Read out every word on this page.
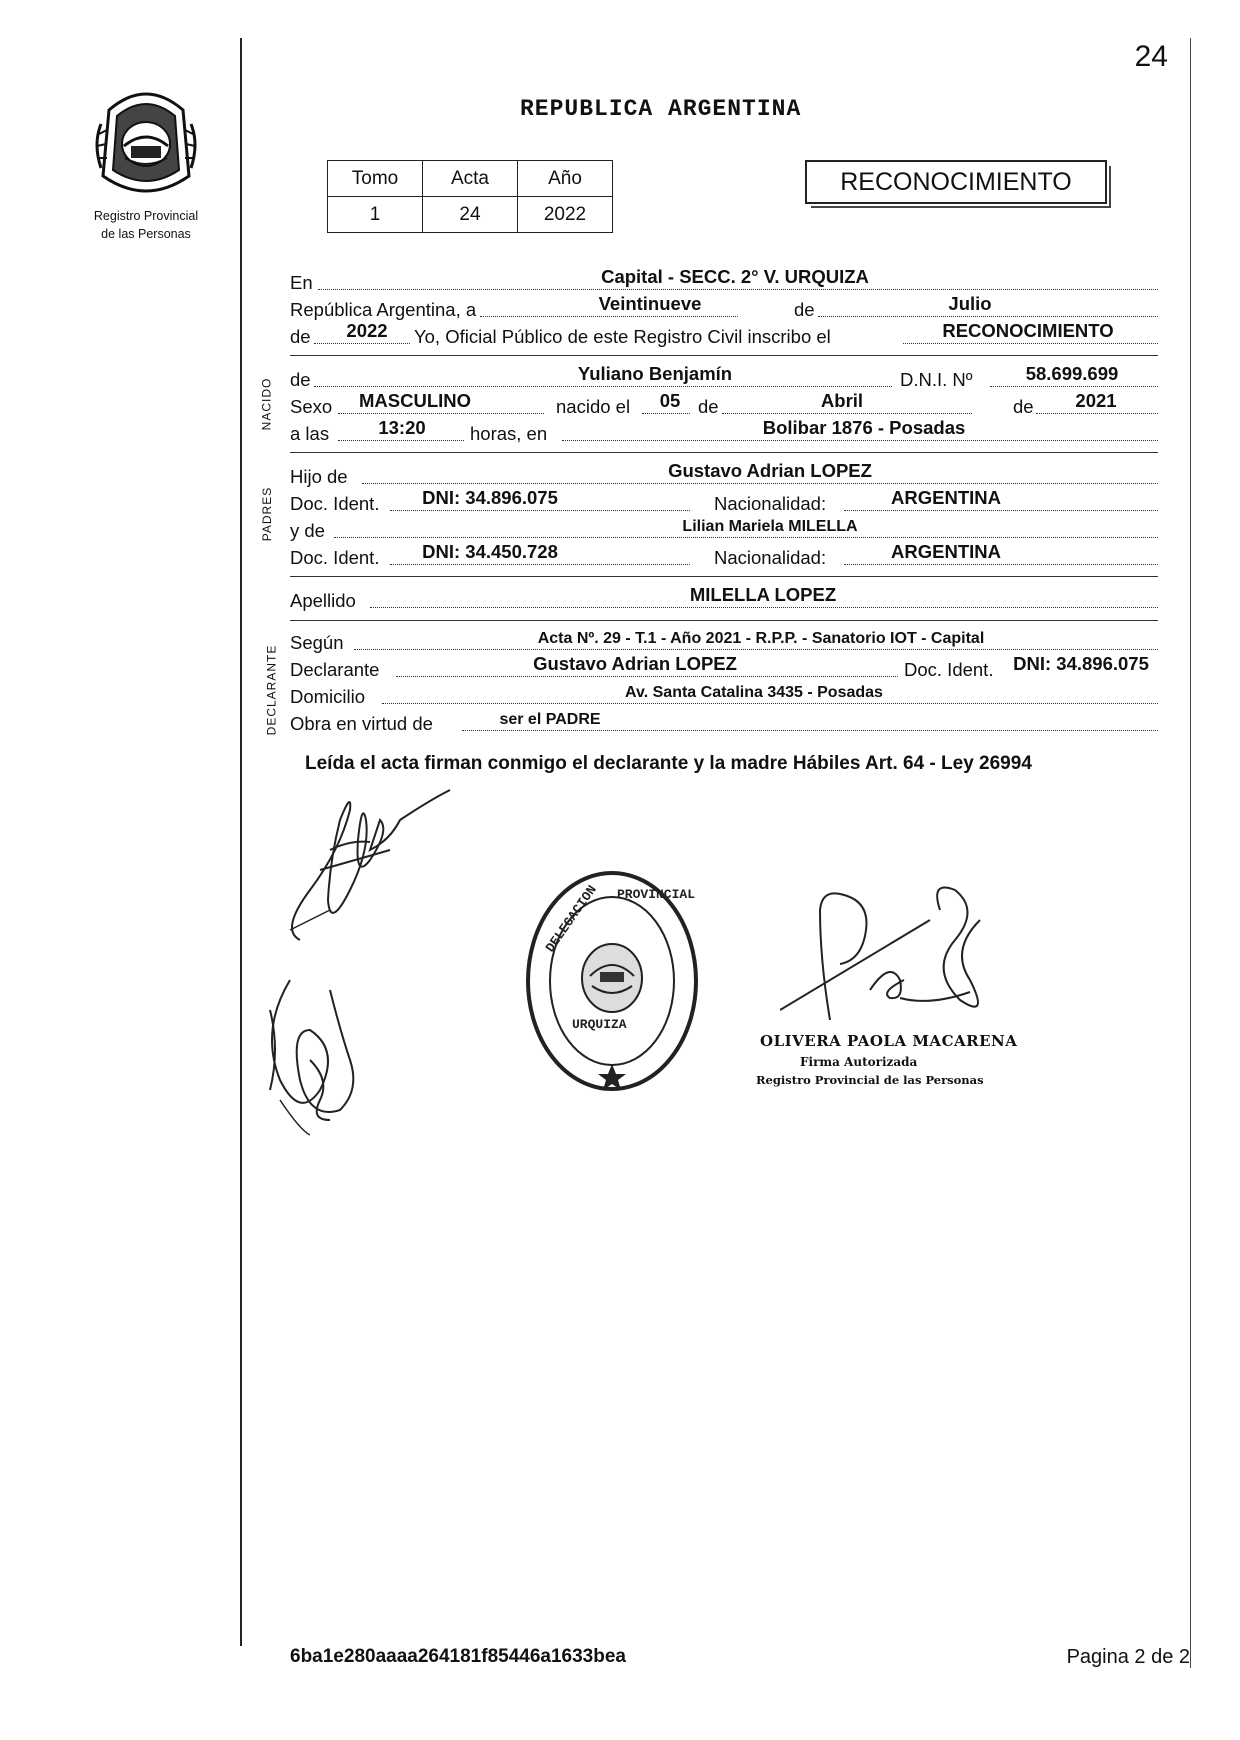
24
Registro Provincial
de las Personas
REPUBLICA ARGENTINA
Tomo	Acta	Año
1	24	2022
RECONOCIMIENTO
NACIDO
PADRES
DECLARANTE
En	Capital - SECC. 2° V. URQUIZA
República Argentina, a	Veintinueve	de	Julio
de 2022 Yo, Oficial Público de este Registro Civil inscribo el	RECONOCIMIENTO
de	Yuliano Benjamín	D.N.I. Nº	58.699.699
Sexo MASCULINO	nacido el 05 de	Abril	de 2021
a las	13:20 horas, en	Bolibar 1876 - Posadas
Hijo de	Gustavo Adrian LOPEZ
Doc. Ident. DNI: 34.896.075	Nacionalidad:	ARGENTINA
y de	Lilian Mariela MILELLA
Doc. Ident. DNI: 34.450.728	Nacionalidad:	ARGENTINA
Apellido	MILELLA LOPEZ
Según	Acta Nº. 29 - T.1 - Año 2021 - R.P.P. - Sanatorio IOT - Capital
Declarante	Gustavo Adrian LOPEZ	Doc. Ident. DNI: 34.896.075
Domicilio	Av. Santa Catalina 3435 - Posadas
Obra en virtud de	ser el PADRE
Leída el acta firman conmigo el declarante y la madre Hábiles Art. 64 - Ley 26994
DELEGACION PROVINCIAL
URQUIZA
OLIVERA PAOLA MACARENA
Firma Autorizada
Registro Provincial de las Personas
6ba1e280aaaa264181f85446a1633bea	Pagina 2 de 2
